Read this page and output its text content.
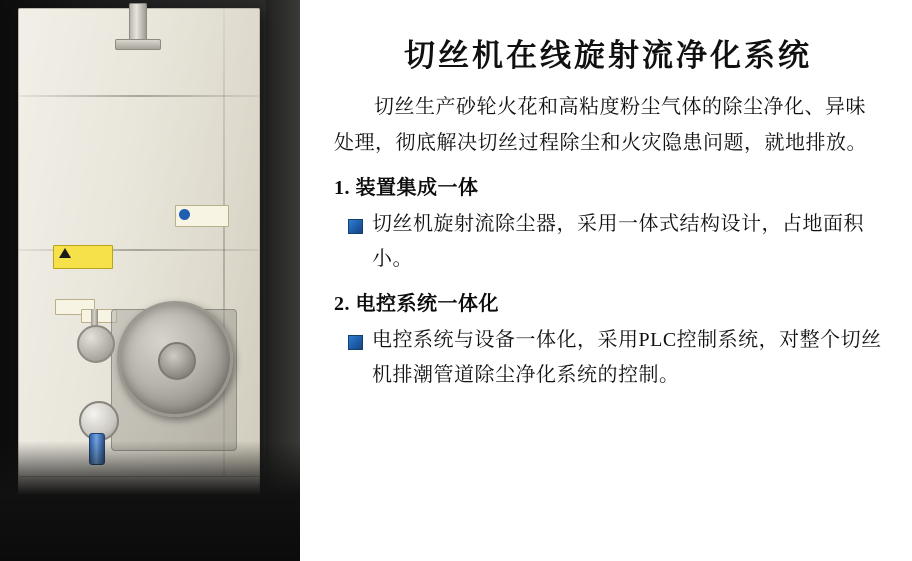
切丝机在线旋射流净化系统

切丝生产砂轮火花和高粘度粉尘气体的除尘净化、异味处理，彻底解决切丝过程除尘和火灾隐患问题，就地排放。

1. 装置集成一体
切丝机旋射流除尘器，采用一体式结构设计，占地面积小。
2. 电控系统一体化
电控系统与设备一体化，采用PLC控制系统，对整个切丝机排潮管道除尘净化系统的控制。
